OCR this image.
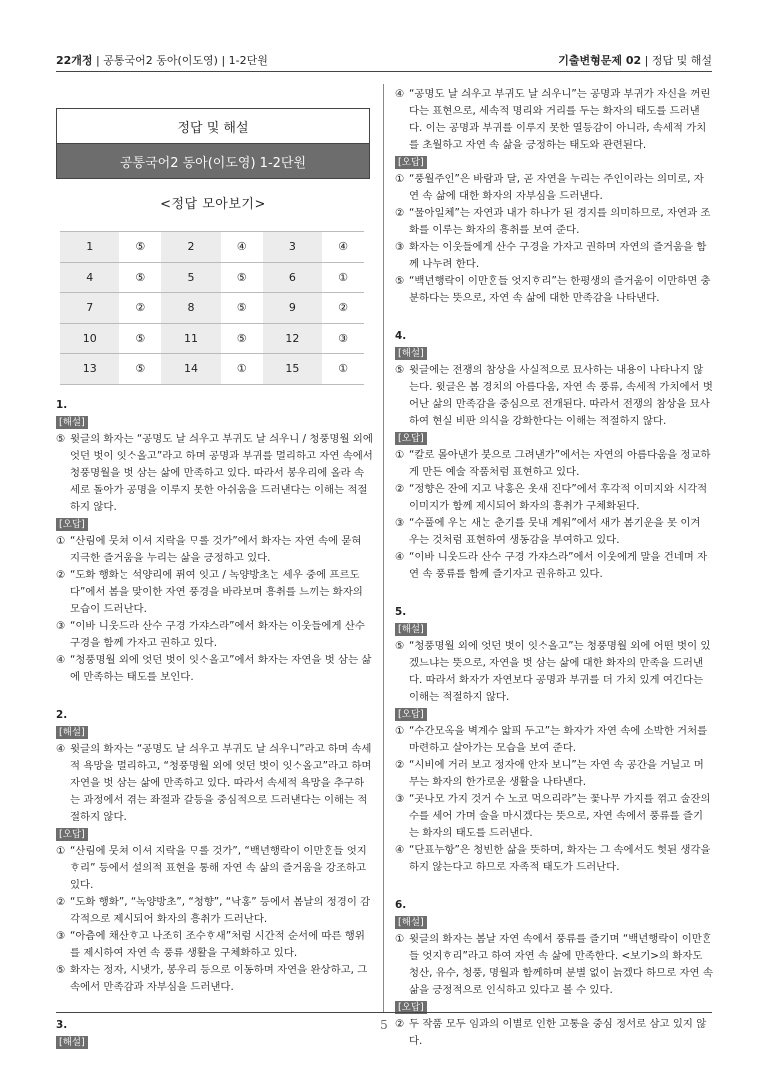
22개정 | 공통국어2 동아(이도영) | 1-2단원	기출변형문제 02 | 정답 및 해설
정답 및 해설
공통국어2 동아(이도영) 1-2단원
<정답 모아보기>
1	⑤	2	④	3	④
4	⑤	5	⑤	6	①
7	②	8	⑤	9	②
10	⑤	11	⑤	12	③
13	⑤	14	①	15	①
1.
[해설]
⑤ 윗글의 화자는 “공명도 날 싀우고 부귀도 날 싀우니 / 청풍명월 외에 엇던 벗이 잇ᄉᆞ올고”라고 하며 공명과 부귀를 멀리하고 자연 속에서 청풍명월을 벗 삼는 삶에 만족하고 있다. 따라서 봉우리에 올라 속세로 돌아가 공명을 이루지 못한 아쉬움을 드러낸다는 이해는 적절하지 않다.
[오답]
① “산림에 뭇쳐 이셔 지락을 ᄆᆞ롤 것가”에서 화자는 자연 속에 묻혀 지극한 즐거움을 누리는 삶을 긍정하고 있다.
② “도화 행화ᄂᆞᆫ 석양리에 퓌여 잇고 / 녹양방초ᄂᆞᆫ 세우 중에 프르도다”에서 봄을 맞이한 자연 풍경을 바라보며 흥취를 느끼는 화자의 모습이 드러난다.
③ “이바 니웃드라 산수 구경 가쟈스라”에서 화자는 이웃들에게 산수 구경을 함께 가자고 권하고 있다.
④ “청풍명월 외에 엇던 벗이 잇ᄉᆞ올고”에서 화자는 자연을 벗 삼는 삶에 만족하는 태도를 보인다.
2.
[해설]
④ 윗글의 화자는 “공명도 날 싀우고 부귀도 날 싀우니”라고 하며 속세적 욕망을 멀리하고, “청풍명월 외에 엇던 벗이 잇ᄉᆞ올고”라고 하며 자연을 벗 삼는 삶에 만족하고 있다. 따라서 속세적 욕망을 추구하는 과정에서 겪는 좌절과 갈등을 중심적으로 드러낸다는 이해는 적절하지 않다.
[오답]
① “산림에 뭇쳐 이셔 지락을 ᄆᆞ롤 것가”, “백년행락이 이만ᄒᆞᆫ들 엇지ᄒᆞ리” 등에서 설의적 표현을 통해 자연 속 삶의 즐거움을 강조하고 있다.
② “도화 행화”, “녹양방초”, “청향”, “낙홍” 등에서 봄날의 정경이 감각적으로 제시되어 화자의 흥취가 드러난다.
③ “아츰에 채산ᄒᆞ고 나조히 조수ᄒᆞ새”처럼 시간적 순서에 따른 행위를 제시하여 자연 속 풍류 생활을 구체화하고 있다.
⑤ 화자는 정자, 시냇가, 봉우리 등으로 이동하며 자연을 완상하고, 그 속에서 만족감과 자부심을 드러낸다.
3.
[해설]
④ “공명도 날 싀우고 부귀도 날 싀우니”는 공명과 부귀가 자신을 꺼린다는 표현으로, 세속적 명리와 거리를 두는 화자의 태도를 드러낸다. 이는 공명과 부귀를 이루지 못한 열등감이 아니라, 속세적 가치를 초월하고 자연 속 삶을 긍정하는 태도와 관련된다.
[오답]
① “풍월주인”은 바람과 달, 곧 자연을 누리는 주인이라는 의미로, 자연 속 삶에 대한 화자의 자부심을 드러낸다.
② “물아일체”는 자연과 내가 하나가 된 경지를 의미하므로, 자연과 조화를 이루는 화자의 흥취를 보여 준다.
③ 화자는 이웃들에게 산수 구경을 가자고 권하며 자연의 즐거움을 함께 나누려 한다.
⑤ “백년행락이 이만ᄒᆞᆫ들 엇지ᄒᆞ리”는 한평생의 즐거움이 이만하면 충분하다는 뜻으로, 자연 속 삶에 대한 만족감을 나타낸다.
4.
[해설]
⑤ 윗글에는 전쟁의 참상을 사실적으로 묘사하는 내용이 나타나지 않는다. 윗글은 봄 경치의 아름다움, 자연 속 풍류, 속세적 가치에서 벗어난 삶의 만족감을 중심으로 전개된다. 따라서 전쟁의 참상을 묘사하여 현실 비판 의식을 강화한다는 이해는 적절하지 않다.
[오답]
① “칼로 몰아낸가 붓으로 그려낸가”에서는 자연의 아름다움을 정교하게 만든 예술 작품처럼 표현하고 있다.
② “정향은 잔에 지고 낙홍은 옷새 진다”에서 후각적 이미지와 시각적 이미지가 함께 제시되어 화자의 흥취가 구체화된다.
③ “수풀에 우ᄂᆞᆫ 새ᄂᆞᆫ 춘기를 뭇내 계워”에서 새가 봄기운을 못 이겨 우는 것처럼 표현하여 생동감을 부여하고 있다.
④ “이바 니웃드라 산수 구경 가쟈스라”에서 이웃에게 말을 건네며 자연 속 풍류를 함께 즐기자고 권유하고 있다.
5.
[해설]
⑤ “청풍명월 외에 엇던 벗이 잇ᄉᆞ올고”는 청풍명월 외에 어떤 벗이 있겠느냐는 뜻으로, 자연을 벗 삼는 삶에 대한 화자의 만족을 드러낸다. 따라서 화자가 자연보다 공명과 부귀를 더 가치 있게 여긴다는 이해는 적절하지 않다.
[오답]
① “수간모옥을 벽계수 앏픠 두고”는 화자가 자연 속에 소박한 거처를 마련하고 살아가는 모습을 보여 준다.
② “시비에 거러 보고 정자애 안자 보니”는 자연 속 공간을 거닐고 머무는 화자의 한가로운 생활을 나타낸다.
③ “곳나모 가지 것거 수 노코 먹으리라”는 꽃나무 가지를 꺾고 술잔의 수를 세어 가며 술을 마시겠다는 뜻으로, 자연 속에서 풍류를 즐기는 화자의 태도를 드러낸다.
④ “단표누항”은 청빈한 삶을 뜻하며, 화자는 그 속에서도 헛된 생각을 하지 않는다고 하므로 자족적 태도가 드러난다.
6.
[해설]
① 윗글의 화자는 봄날 자연 속에서 풍류를 즐기며 “백년행락이 이만ᄒᆞᆫ들 엇지ᄒᆞ리”라고 하여 자연 속 삶에 만족한다. <보기>의 화자도 청산, 유수, 청풍, 명월과 함께하며 분별 없이 늙겠다 하므로 자연 속 삶을 긍정적으로 인식하고 있다고 볼 수 있다.
[오답]
② 두 작품 모두 임과의 이별로 인한 고통을 중심 정서로 삼고 있지 않다.
5
